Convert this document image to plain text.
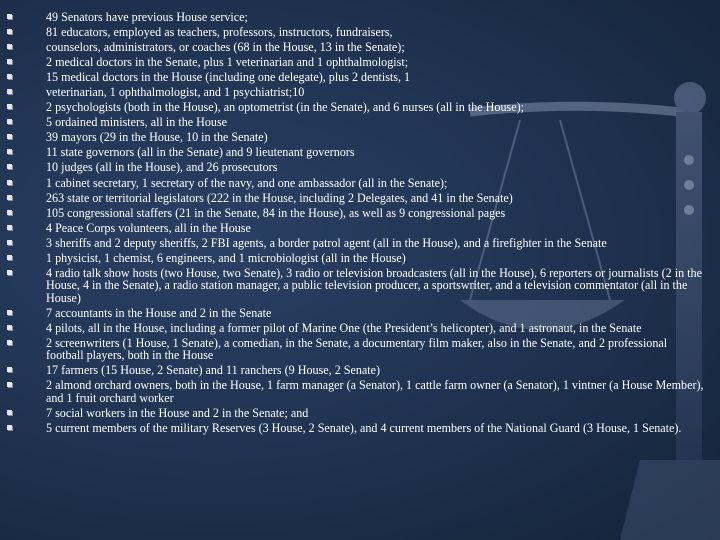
49 Senators have previous House service;
81 educators, employed as teachers, professors, instructors, fundraisers,
counselors, administrators, or coaches (68 in the House, 13 in the Senate);
2 medical doctors in the Senate, plus 1 veterinarian and 1 ophthalmologist;
15 medical doctors in the House (including one delegate), plus 2 dentists, 1
veterinarian, 1 ophthalmologist, and 1 psychiatrist;10
2 psychologists (both in the House), an optometrist (in the Senate), and 6 nurses (all in the House);
5 ordained ministers, all in the House
39 mayors (29 in the House, 10 in the Senate)
11 state governors (all in the Senate) and 9 lieutenant governors
10 judges (all in the House), and 26 prosecutors
1 cabinet secretary, 1 secretary of the navy, and one ambassador (all in the Senate);
263 state or territorial legislators (222 in the House, including 2 Delegates, and 41 in the Senate)
105 congressional staffers (21 in the Senate, 84 in the House), as well as 9 congressional pages
4 Peace Corps volunteers, all in the House
3 sheriffs and 2 deputy sheriffs, 2 FBI agents, a border patrol agent (all in the House), and a firefighter in the Senate
1 physicist, 1 chemist, 6 engineers, and 1 microbiologist (all in the House)
4 radio talk show hosts (two House, two Senate), 3 radio or television broadcasters (all in the House), 6 reporters or journalists (2 in the House, 4 in the Senate), a radio station manager, a public television producer, a sportswriter, and a television commentator (all in the House)
7 accountants in the House and 2 in the Senate
4 pilots, all in the House, including a former pilot of Marine One (the President’s helicopter), and 1 astronaut, in the Senate
2 screenwriters (1 House, 1 Senate), a comedian, in the Senate, a documentary film maker, also in the Senate, and 2 professional football players, both in the House
17 farmers (15 House, 2 Senate) and 11 ranchers (9 House, 2 Senate)
2 almond orchard owners, both in the House, 1 farm manager (a Senator), 1 cattle farm owner (a Senator), 1 vintner (a House Member), and 1 fruit orchard worker
7 social workers in the House and 2 in the Senate; and
5 current members of the military Reserves (3 House, 2 Senate), and 4 current members of the National Guard (3 House, 1 Senate).
